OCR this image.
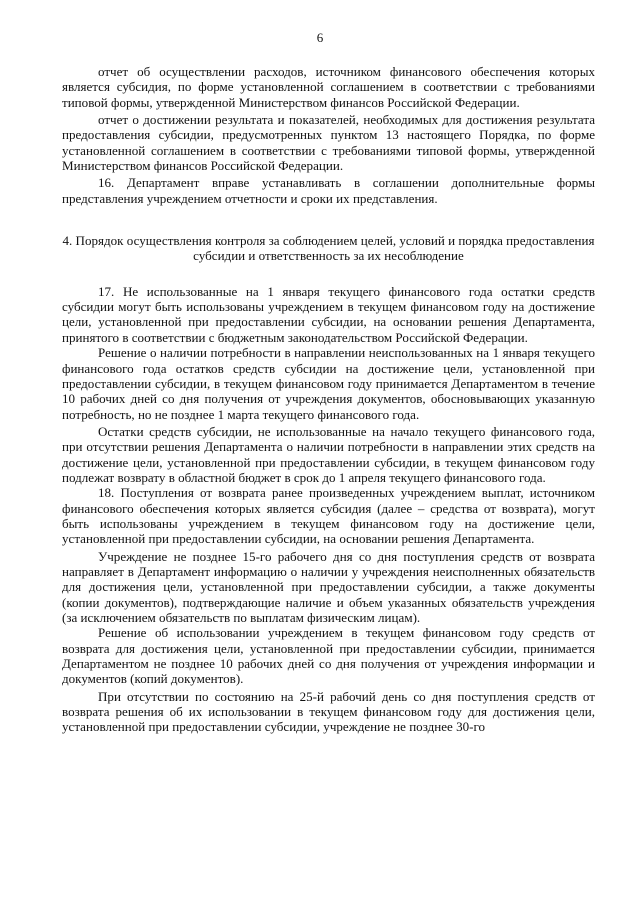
6

отчет об осуществлении расходов, источником финансового обеспечения которых является субсидия, по форме установленной соглашением в соответствии с требованиями типовой формы, утвержденной Министерством финансов Российской Федерации.

отчет о достижении результата и показателей, необходимых для достижения результата предоставления субсидии, предусмотренных пунктом 13 настоящего Порядка, по форме установленной соглашением в соответствии с требованиями типовой формы, утвержденной Министерством финансов Российской Федерации.

16. Департамент вправе устанавливать в соглашении дополнительные формы представления учреждением отчетности и сроки их представления.

4. Порядок осуществления контроля за соблюдением целей, условий и порядка предоставления субсидии и ответственность за их несоблюдение

17. Не использованные на 1 января текущего финансового года остатки средств субсидии могут быть использованы учреждением в текущем финансовом году на достижение цели, установленной при предоставлении субсидии, на основании решения Департамента, принятого в соответствии с бюджетным законодательством Российской Федерации.

Решение о наличии потребности в направлении неиспользованных на 1 января текущего финансового года остатков средств субсидии на достижение цели, установленной при предоставлении субсидии, в текущем финансовом году принимается Департаментом в течение 10 рабочих дней со дня получения от учреждения документов, обосновывающих указанную потребность, но не позднее 1 марта текущего финансового года.

Остатки средств субсидии, не использованные на начало текущего финансового года, при отсутствии решения Департамента о наличии потребности в направлении этих средств на достижение цели, установленной при предоставлении субсидии, в текущем финансовом году подлежат возврату в областной бюджет в срок до 1 апреля текущего финансового года.

18. Поступления от возврата ранее произведенных учреждением выплат, источником финансового обеспечения которых является субсидия (далее – средства от возврата), могут быть использованы учреждением в текущем финансовом году на достижение цели, установленной при предоставлении субсидии, на основании решения Департамента.

Учреждение не позднее 15-го рабочего дня со дня поступления средств от возврата направляет в Департамент информацию о наличии у учреждения неисполненных обязательств для достижения цели, установленной при предоставлении субсидии, а также документы (копии документов), подтверждающие наличие и объем указанных обязательств учреждения (за исключением обязательств по выплатам физическим лицам).

Решение об использовании учреждением в текущем финансовом году средств от возврата для достижения цели, установленной при предоставлении субсидии, принимается Департаментом не позднее 10 рабочих дней со дня получения от учреждения информации и документов (копий документов).

При отсутствии по состоянию на 25-й рабочий день со дня поступления средств от возврата решения об их использовании в текущем финансовом году для достижения цели, установленной при предоставлении субсидии, учреждение не позднее 30-го
